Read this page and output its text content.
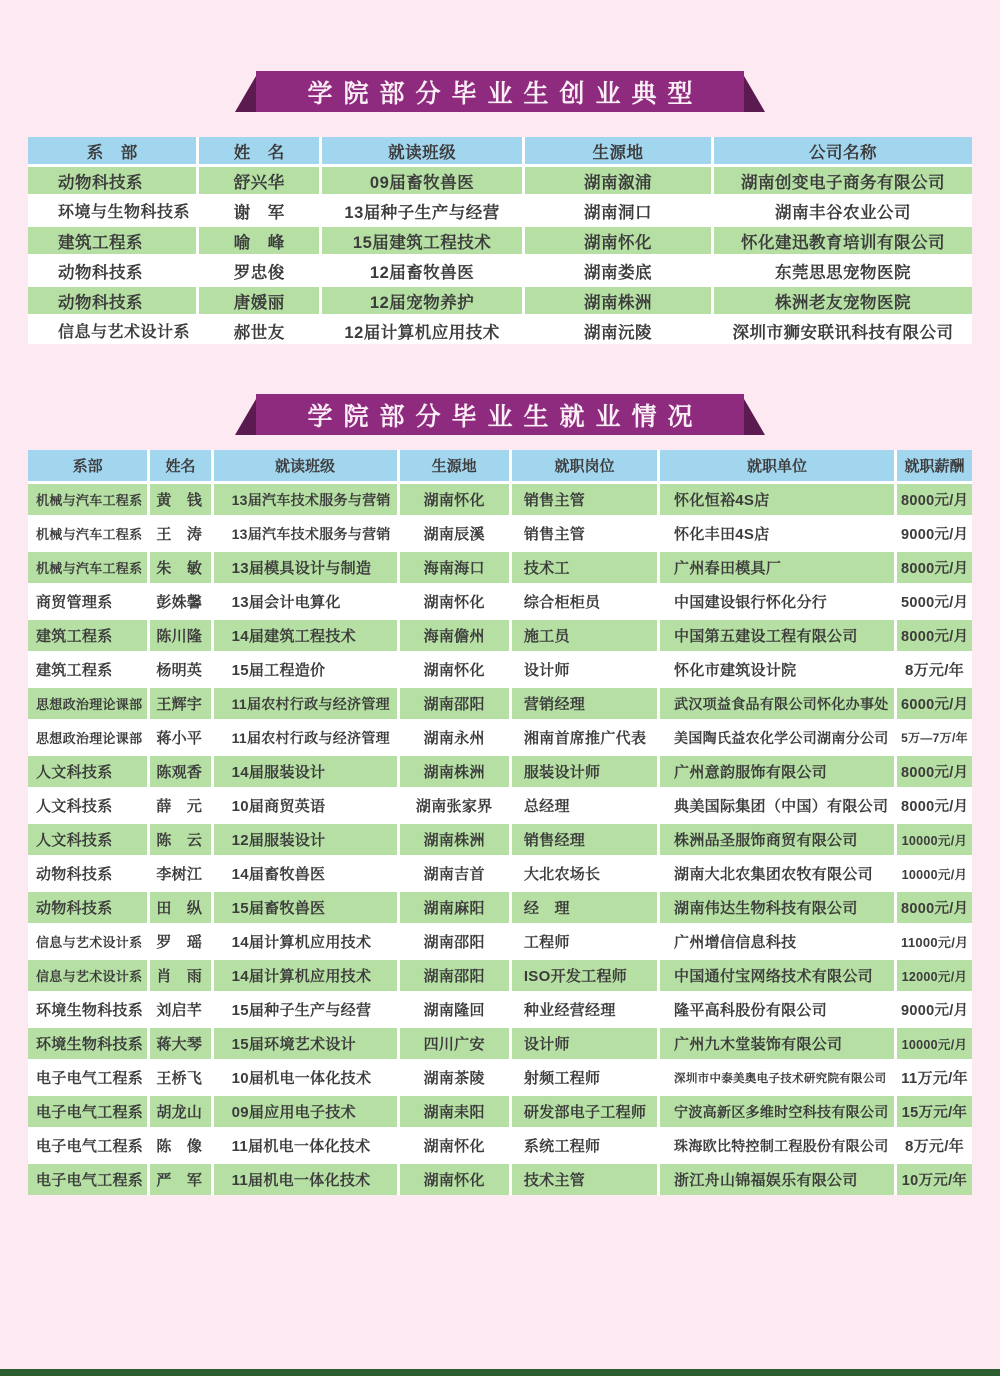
学院部分毕业生创业典型
系　部	姓　名	就读班级	生源地	公司名称
动物科技系	舒兴华	09届畜牧兽医	湖南溆浦	湖南创变电子商务有限公司
环境与生物科技系	谢　军	13届种子生产与经营	湖南洞口	湖南丰谷农业公司
建筑工程系	喻　峰	15届建筑工程技术	湖南怀化	怀化建迅教育培训有限公司
动物科技系	罗忠俊	12届畜牧兽医	湖南娄底	东莞思思宠物医院
动物科技系	唐媛丽	12届宠物养护	湖南株洲	株洲老友宠物医院
信息与艺术设计系	郝世友	12届计算机应用技术	湖南沅陵	深圳市狮安联讯科技有限公司
学院部分毕业生就业情况
系部	姓名	就读班级	生源地	就职岗位	就职单位	就职薪酬
机械与汽车工程系	黄　钱	13届汽车技术服务与营销	湖南怀化	销售主管	怀化恒裕4S店	8000元/月
机械与汽车工程系	王　涛	13届汽车技术服务与营销	湖南辰溪	销售主管	怀化丰田4S店	9000元/月
机械与汽车工程系	朱　敏	13届模具设计与制造	海南海口	技术工	广州春田模具厂	8000元/月
商贸管理系	彭姝馨	13届会计电算化	湖南怀化	综合柜柜员	中国建设银行怀化分行	5000元/月
建筑工程系	陈川隆	14届建筑工程技术	海南儋州	施工员	中国第五建设工程有限公司	8000元/月
建筑工程系	杨明英	15届工程造价	湖南怀化	设计师	怀化市建筑设计院	8万元/年
思想政治理论课部	王辉宇	11届农村行政与经济管理	湖南邵阳	营销经理	武汉项益食品有限公司怀化办事处	6000元/月
思想政治理论课部	蒋小平	11届农村行政与经济管理	湖南永州	湘南首席推广代表	美国陶氏益农化学公司湖南分公司	5万—7万/年
人文科技系	陈观香	14届服装设计	湖南株洲	服装设计师	广州意韵服饰有限公司	8000元/月
人文科技系	薛　元	10届商贸英语	湖南张家界	总经理	典美国际集团（中国）有限公司	8000元/月
人文科技系	陈　云	12届服装设计	湖南株洲	销售经理	株洲品圣服饰商贸有限公司	10000元/月
动物科技系	李树江	14届畜牧兽医	湖南吉首	大北农场长	湖南大北农集团农牧有限公司	10000元/月
动物科技系	田　纵	15届畜牧兽医	湖南麻阳	经　理	湖南伟达生物科技有限公司	8000元/月
信息与艺术设计系	罗　瑶	14届计算机应用技术	湖南邵阳	工程师	广州增信信息科技	11000元/月
信息与艺术设计系	肖　雨	14届计算机应用技术	湖南邵阳	ISO开发工程师	中国通付宝网络技术有限公司	12000元/月
环境生物科技系	刘启芊	15届种子生产与经营	湖南隆回	种业经营经理	隆平高科股份有限公司	9000元/月
环境生物科技系	蒋大琴	15届环境艺术设计	四川广安	设计师	广州九木堂装饰有限公司	10000元/月
电子电气工程系	王桥飞	10届机电一体化技术	湖南茶陵	射频工程师	深圳市中泰美奥电子技术研究院有限公司	11万元/年
电子电气工程系	胡龙山	09届应用电子技术	湖南耒阳	研发部电子工程师	宁波高新区多维时空科技有限公司	15万元/年
电子电气工程系	陈　像	11届机电一体化技术	湖南怀化	系统工程师	珠海欧比特控制工程股份有限公司	8万元/年
电子电气工程系	严　军	11届机电一体化技术	湖南怀化	技术主管	浙江舟山锦福娱乐有限公司	10万元/年
